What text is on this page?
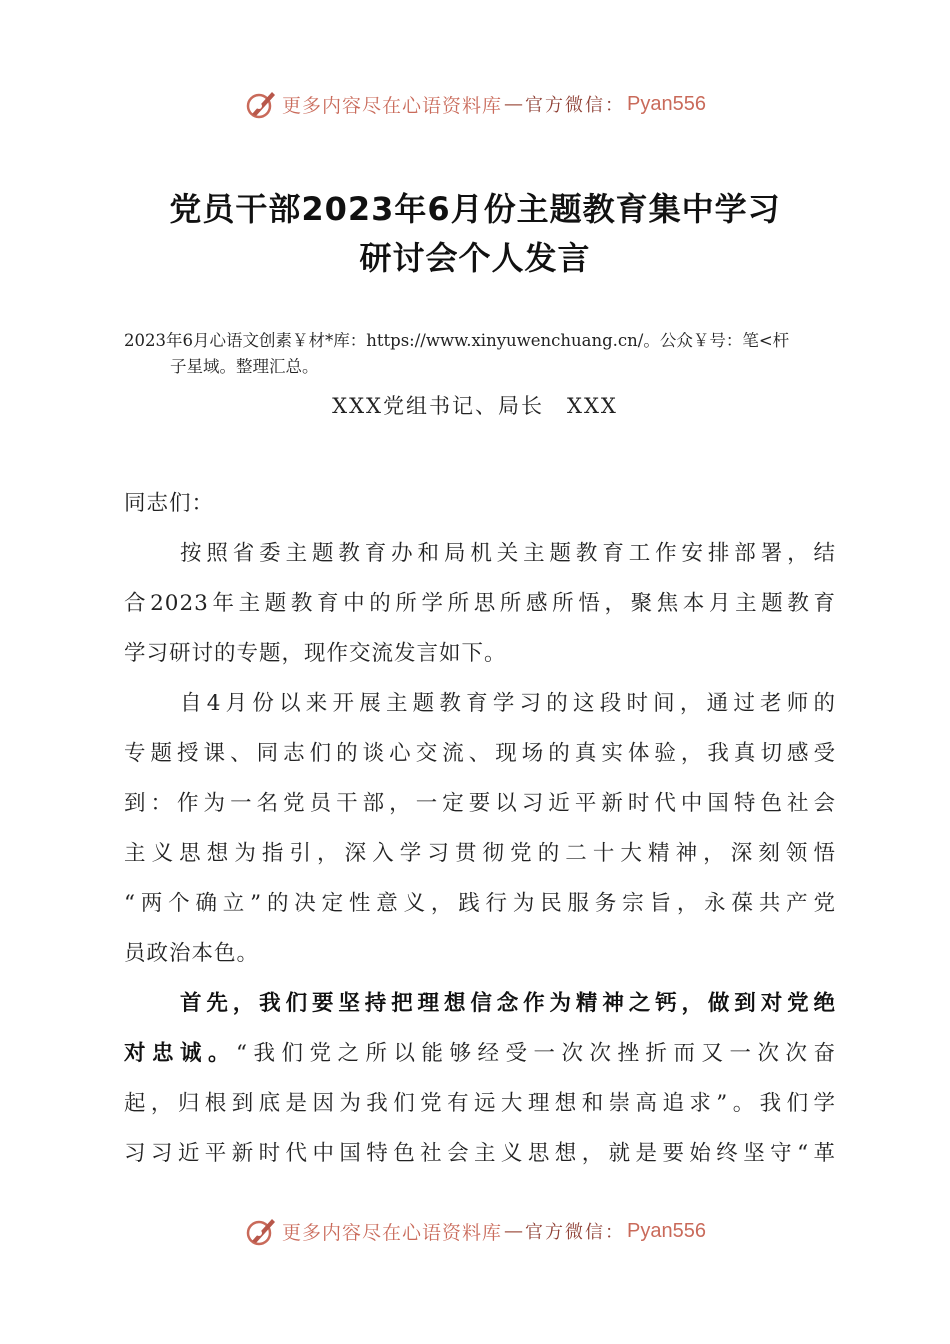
更多内容尽在心语资料库 — 官方微信： Pyan556
党员干部2023年6月份主题教育集中学习
研讨会个人发言
2023年6月心语文创素￥材*库：https://www.xinyuwenchuang.cn/。公众￥号：笔<杆
子星域。整理汇总。
XXX党组书记、局长　XXX
同志们：
按照省委主题教育办和局机关主题教育工作安排部署，结
合2023年主题教育中的所学所思所感所悟，聚焦本月主题教育
学习研讨的专题，现作交流发言如下。
自4月份以来开展主题教育学习的这段时间，通过老师的
专题授课、同志们的谈心交流、现场的真实体验，我真切感受
到：作为一名党员干部，一定要以习近平新时代中国特色社会
主义思想为指引，深入学习贯彻党的二十大精神，深刻领悟
“两个确立”的决定性意义，践行为民服务宗旨，永葆共产党
员政治本色。
首先，我们要坚持把理想信念作为精神之钙，做到对党绝
对忠诚。“我们党之所以能够经受一次次挫折而又一次次奋
起，归根到底是因为我们党有远大理想和崇高追求”。我们学
习习近平新时代中国特色社会主义思想，就是要始终坚守“革
更多内容尽在心语资料库 — 官方微信： Pyan556
